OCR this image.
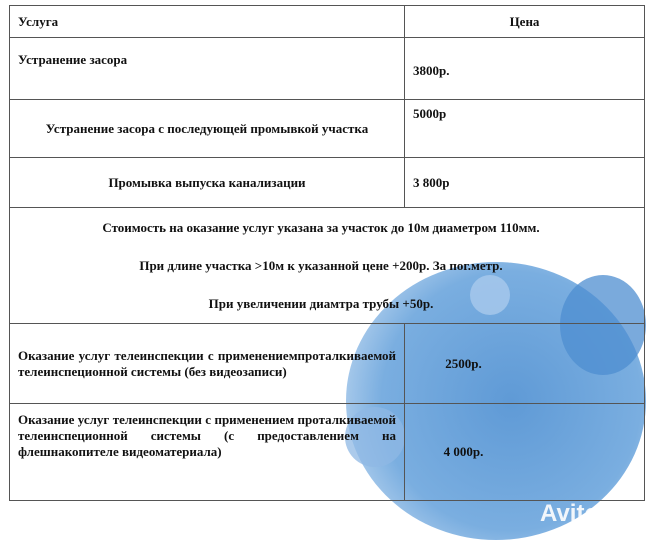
Avito
Услуга	Цена
Устранение засора	3800р.
Устранение засора с последующей промывкой участка	5000р
Промывка выпуска канализации	3 800р

Стоимость на оказание услуг указана за участок до 10м диаметром 110мм.

При длине участка >10м к указанной цене +200р. За пог.метр.

При увеличении диамтра трубы +50р.	

Оказание услуг телеинспекции с применениемпроталкиваемой телеинспеционной системы (без видеозаписи)	2500р.
Оказание услуг телеинспекции с применением проталкиваемой телеинспеционной системы (с предоставлением на флешнакопителе видеоматериала)	4 000р.
